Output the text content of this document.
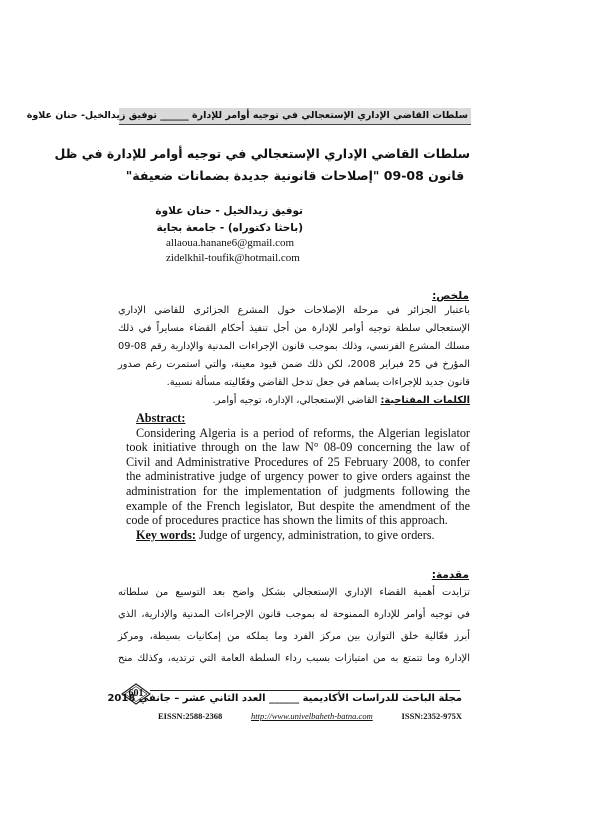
سلطات القاضي الإداري الإستعجالي في توجيه أوامر للإدارة ______ توفيق زيدالخيل- حنان علاوة
سلطات القاضي الإداري الإستعجالي في توجيه أوامر للإدارة في ظل
قانون 08-09 "إصلاحات قانونية جديدة بضمانات ضعيفة"
توفيق زيدالخيل - حنان علاوة
(باحثا دكتوراه) - جامعة بجاية
allaoua.hanane6@gmail.com
zidelkhil-toufik@hotmail.com
ملخص:
باعتبار الجزائر في مرحلة الإصلاحات خول المشرع الجزائري للقاضي الإداري
الإستعجالي سلطة توجيه أوامر للإدارة من أجل تنفيذ أحكام القضاء مسايراً في ذلك
مسلك المشرع الفرنسي، وذلك بموجب قانون الإجراءات المدنية والإدارية رقم 08-09
المؤرخ في 25 فبراير 2008، لكن ذلك ضمن قيود معينة، والتي استمرت رغم صدور
قانون جديد للإجراءات يساهم في جعل تدخل القاضي وفعّاليته مسألة نسبية.
الكلمات المفتاحية: القاضي الإستعجالي، الإدارة، توجيه أوامر.
Abstract:
Considering Algeria is a period of reforms, the Algerian legislator took initiative through on the law N° 08-09 concerning the law of Civil and Administrative Procedures of 25 February 2008, to confer the administrative judge of urgency power to give orders against the administration for the implementation of judgments following the example of the French legislator, But despite the amendment of the code of procedures practice has shown the limits of this approach.
Key words: Judge of urgency, administration, to give orders.
مقدمة:
تزايدت أهمية القضاء الإداري الإستعجالي بشكل واضح بعد التوسيع من سلطاته
في توجيه أوامر للإدارة الممنوحة له بموجب قانون الإجراءات المدنية والإدارية، الذي
أبرز فعّالية خلق التوازن بين مركز الفرد وما يملكه من إمكانيات بسيطة، ومركز
الإدارة وما تتمتع به من امتيازات بسبب رداء السلطة العامة التي ترتديه، وكذلك منح
601
مجلة الباحث للدراسات الأكاديمية ______ العدد الثاني عشر – جانفي 2018
EISSN:2588-2368	http://www.univelbaheth-batna.com	ISSN:2352-975X
